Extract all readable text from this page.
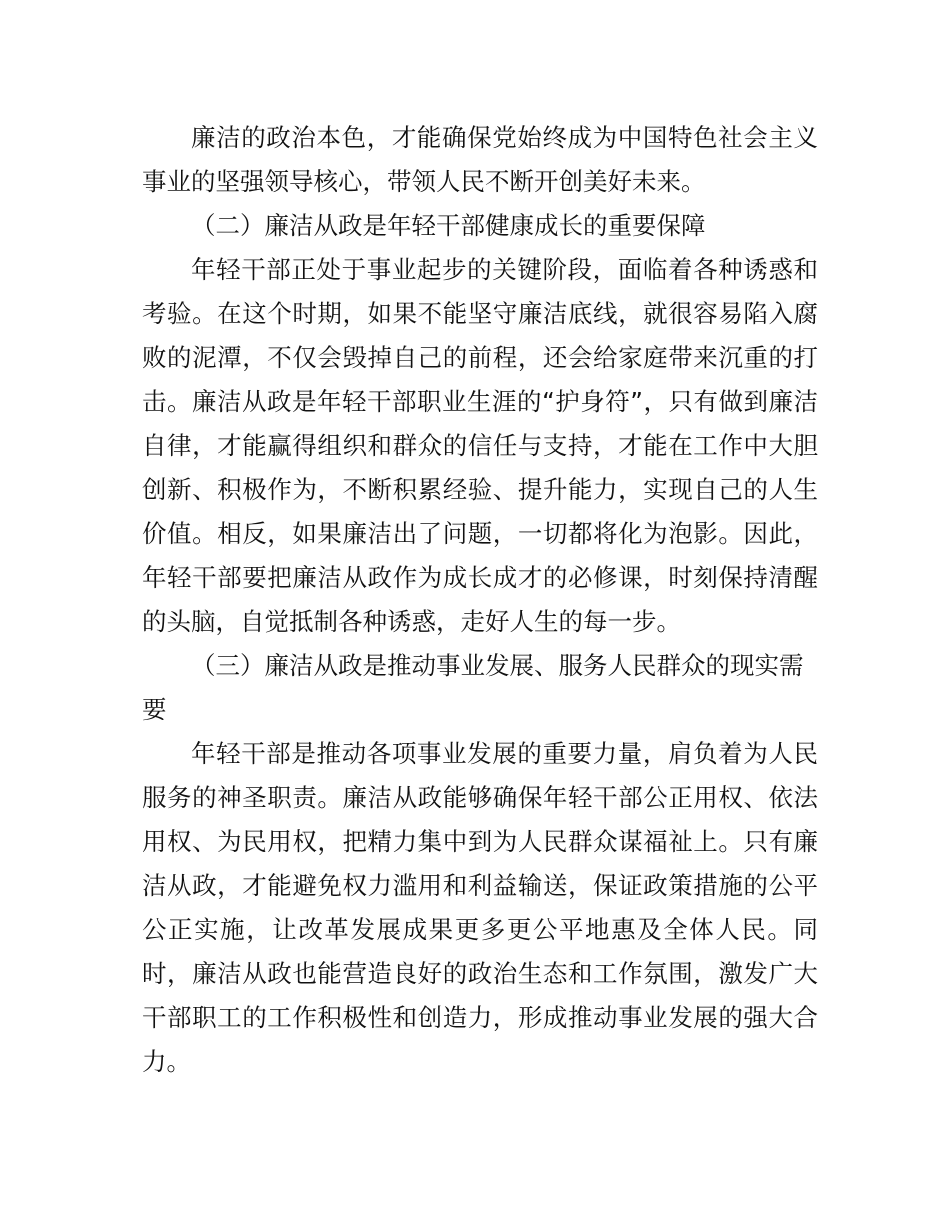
廉洁的政治本色，才能确保党始终成为中国特色社会主义事业的坚强领导核心，带领人民不断开创美好未来。

（二）廉洁从政是年轻干部健康成长的重要保障

年轻干部正处于事业起步的关键阶段，面临着各种诱惑和考验。在这个时期，如果不能坚守廉洁底线，就很容易陷入腐败的泥潭，不仅会毁掉自己的前程，还会给家庭带来沉重的打击。廉洁从政是年轻干部职业生涯的“护身符”，只有做到廉洁自律，才能赢得组织和群众的信任与支持，才能在工作中大胆创新、积极作为，不断积累经验、提升能力，实现自己的人生价值。相反，如果廉洁出了问题，一切都将化为泡影。因此，年轻干部要把廉洁从政作为成长成才的必修课，时刻保持清醒的头脑，自觉抵制各种诱惑，走好人生的每一步。

（三）廉洁从政是推动事业发展、服务人民群众的现实需要

年轻干部是推动各项事业发展的重要力量，肩负着为人民服务的神圣职责。廉洁从政能够确保年轻干部公正用权、依法用权、为民用权，把精力集中到为人民群众谋福祉上。只有廉洁从政，才能避免权力滥用和利益输送，保证政策措施的公平公正实施，让改革发展成果更多更公平地惠及全体人民。同时，廉洁从政也能营造良好的政治生态和工作氛围，激发广大干部职工的工作积极性和创造力，形成推动事业发展的强大合力。
